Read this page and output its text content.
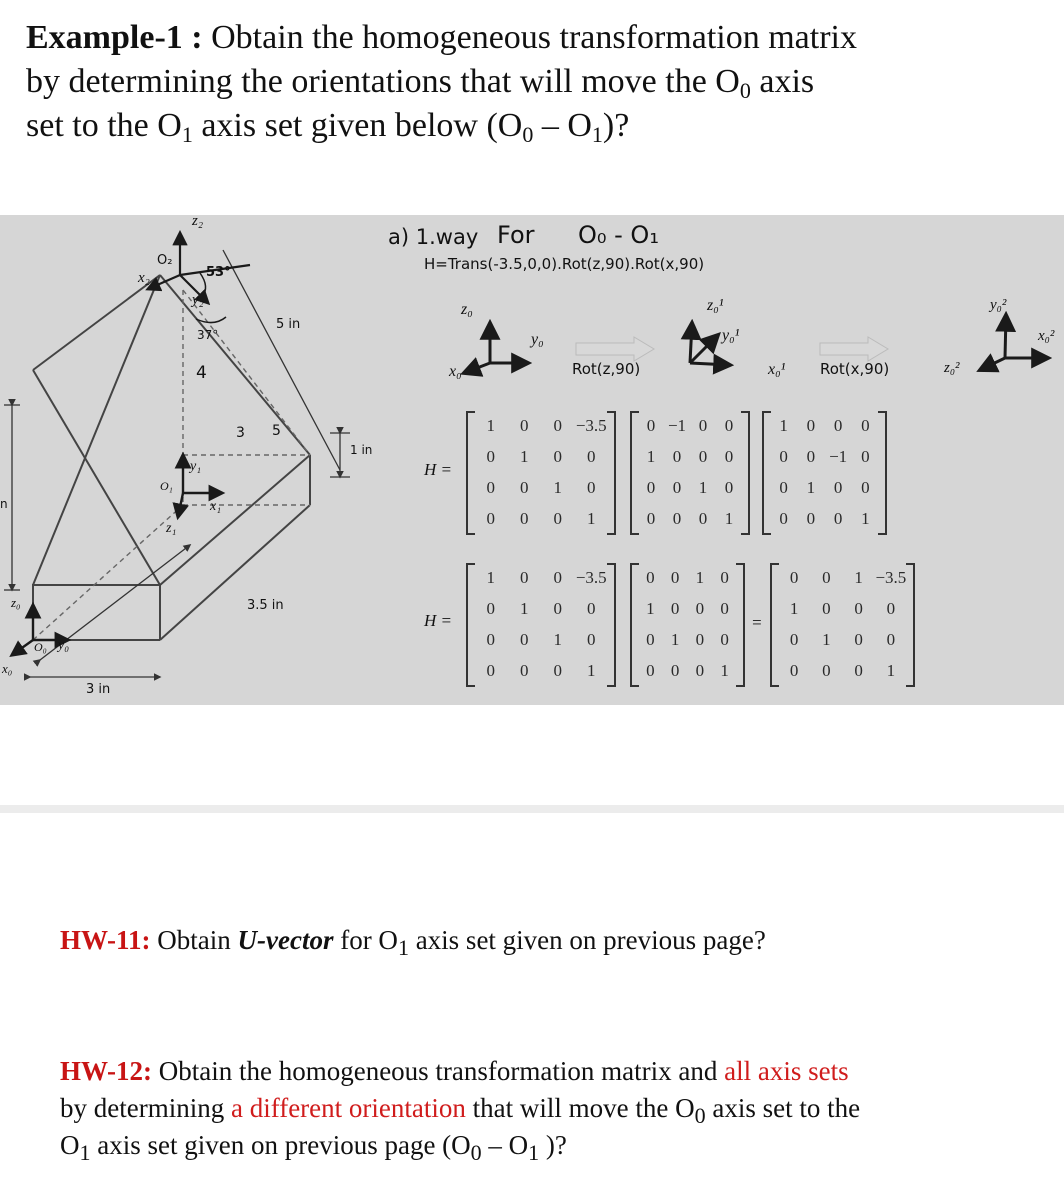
Example-1 : Obtain the homogeneous transformation matrix
by determining the orientations that will move the $O_0$ axis
set to the $O_1$ axis set given below $(O_0 - O_1)$?
O₂
x₂
y₂
z₂
53°
37°
4
3 5
5 in
1 in
3.5 in
3 in
n
y₁
x₁
z₁
O₁
z₀
O₀ y₀
x₀
a) 1.way For O₀ - O₁
H=Trans(-3.5,0,0).Rot(z,90).Rot(x,90)
z₀
y₀
x₀	Rot(z,90)
z₀¹
y₀¹
x₀¹ Rot(x,90)
y₀²
x₀²
z₀²
H =
1	0	0 −3.5
0	1	0	0
0	0	1	0
0	0	0	1
0 −1 0	0
1	0	0	0
0	0	1	0
0	0	0	1
1	0	0	0
0	0 −1 0
0	1	0	0
0	0	0	1
H =
1	0	0 −3.5
0	1	0	0
0	0	1	0
0	0	0	1
0 0 1 0
1 0 0 0
0 1 0 0
0 0 0 1
=
0	0	1 −3.5
1	0	0	0
0	1	0	0
0	0	0	1
HW-11: Obtain U-vector for $O_1$ axis set given on previous page?
HW-12: Obtain the homogeneous transformation matrix and all axis sets
by determining a different orientation that will move the $O_0$ axis set to the
$O_1$ axis set given on previous page ($O_0 - O_1$ )?
